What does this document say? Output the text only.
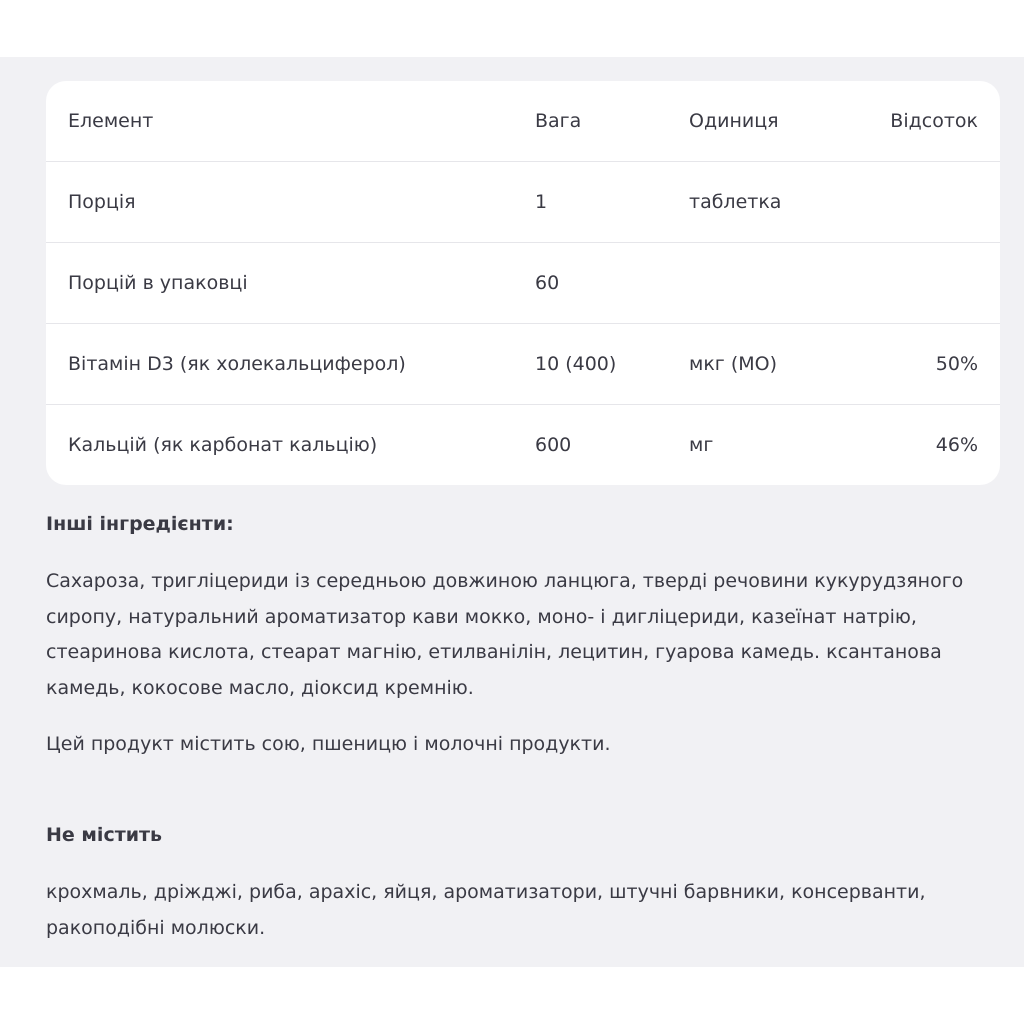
Елемент	Вага	Одиниця	Відсоток
Порція	1	таблетка
Порцій в упаковці	60
Вітамін D3 (як холекальциферол)	10 (400)	мкг (МО)	50%
Кальцій (як карбонат кальцію)	600	мг	46%
Інші інгредієнти:
Сахароза, тригліцериди із середньою довжиною ланцюга, тверді речовини кукурудзяного сиропу, натуральний ароматизатор кави мокко, моно- і дигліцериди, казеїнат натрію, стеаринова кислота, стеарат магнію, етилванілін, лецитин, гуарова камедь. ксантанова камедь, кокосове масло, діоксид кремнію.
Цей продукт містить сою, пшеницю і молочні продукти.
Не містить
крохмаль, дріжджі, риба, арахіс, яйця, ароматизатори, штучні барвники, консерванти, ракоподібні молюски.
